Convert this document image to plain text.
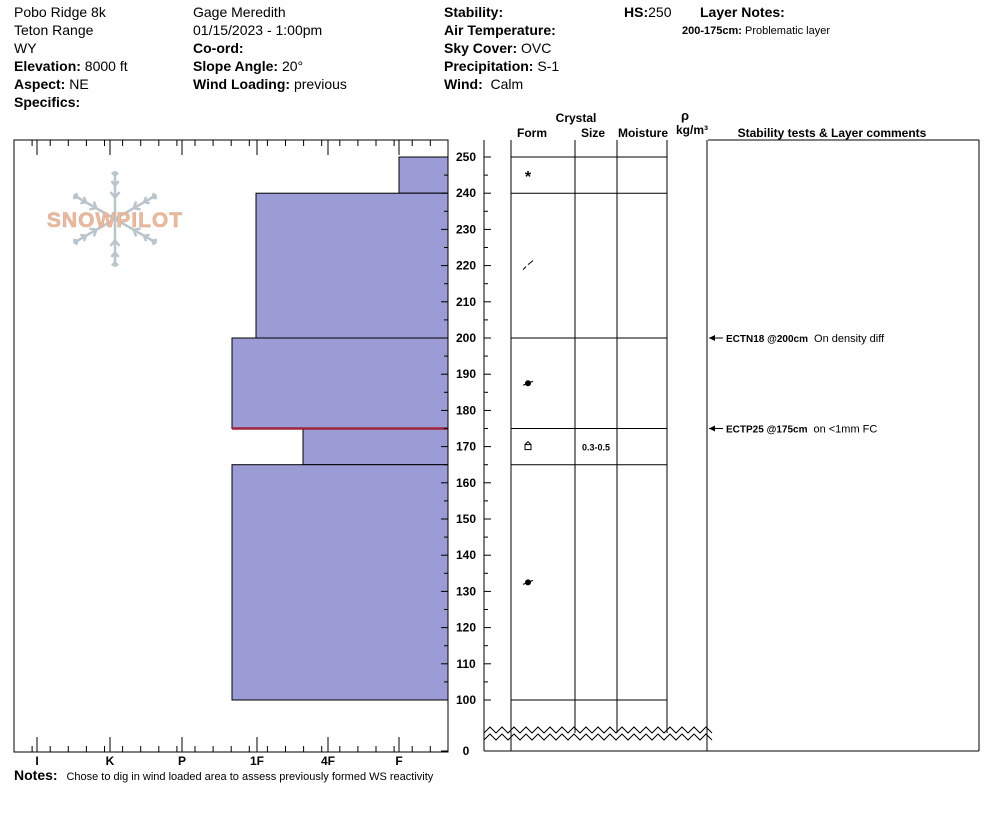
Pobo Ridge 8k
Teton Range
WY
Elevation: 8000 ft
Aspect: NE
Specifics:
Gage Meredith
01/15/2023 - 1:00pm
Co-ord:
Slope Angle: 20°
Wind Loading: previous
Stability:
Air Temperature:
Sky Cover: OVC
Precipitation: S-1
Wind: Calm
HS:250 Layer Notes:
200-175cm: Problematic layer
SNOWPILOT
I	K	P	1F	4F	F
0
100
110
120
130
140
150
160
170
180
190
200
210
220
230
240
250
Crystal
Form	Size Moisture
ρ
kg/m³ Stability tests & Layer comments
*
0.3-0.5
ECTN18 @200cm On density diff
ECTP25 @175cm on <1mm FC
Notes: Chose to dig in wind loaded area to assess previously formed WS reactivity
